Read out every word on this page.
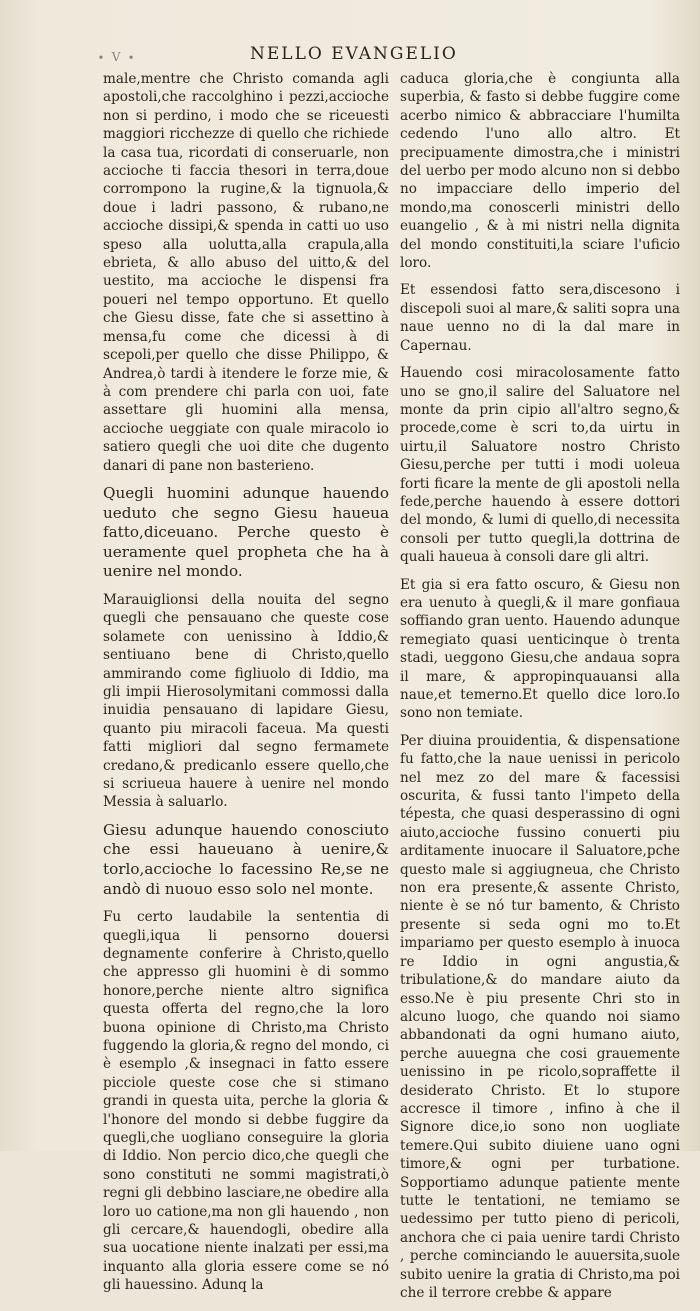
∙ V ∙	NELLO EVANGELIO

male,mentre che Christo comanda agli apostoli,che raccolghino i pezzi,accioche non si perdino, i modo che se riceuesti maggiori ricchezze di quello che richiede la casa tua, ricordati di conseruarle, non accioche ti faccia thesori in terra,doue corrompono la rugine,& la tignuola,& doue i ladri passono, & rubano,ne accioche dissipi,& spenda in catti uo uso speso alla uolutta,alla crapula,alla ebrieta, & allo abuso del uitto,& del uestito, ma accioche le dispensi fra poueri nel tempo opportuno. Et quello che Giesu disse, fate che si assettino à mensa,fu come che dicessi à di scepoli,per quello che disse Philippo, & Andrea,ò tardi à itendere le forze mie, & à com prendere chi parla con uoi, fate assettare gli huomini alla mensa, accioche ueggiate con quale miracolo io satiero quegli che uoi dite che dugento danari di pane non basterieno.

Quegli huomini adunque hauendo ueduto che segno Giesu haueua fatto,diceuano. Perche questo è ueramente quel propheta che ha à uenire nel mondo.

Marauiglionsi della nouita del segno quegli che pensauano che queste cose solamete con uenissino à Iddio,& sentiuano bene di Christo,quello ammirando come figliuolo di Iddio, ma gli impii Hierosolymitani commossi dalla inuidia pensauano di lapidare Giesu, quanto piu miracoli faceua. Ma questi fatti migliori dal segno fermamete credano,& predicanlo essere quello,che si scriueua hauere à uenire nel mondo Messia à saluarlo.

Giesu adunque hauendo conosciuto che essi haueuano à uenire,& torlo,accioche lo facessino Re,se ne andò di nuouo esso solo nel monte.

Fu certo laudabile la sententia di quegli,iqua li pensorno douersi degnamente conferire à Christo,quello che appresso gli huomini è di sommo honore,perche niente altro significa questa offerta del regno,che la loro buona opinione di Christo,ma Christo fuggendo la gloria,& regno del mondo, ci è esemplo ,& insegnaci in fatto essere picciole queste cose che si stimano grandi in questa uita, perche la gloria & l'honore del mondo si debbe fuggire da quegli,che uogliano conseguire la gloria di Iddio. Non percio dico,che quegli che sono constituti ne sommi magistrati,ò regni gli debbino lasciare,ne obedire alla loro uo catione,ma non gli hauendo , non gli cercare,& hauendogli, obedire alla sua uocatione niente inalzati per essi,ma inquanto alla gloria essere come se nó gli hauessino. Adunq la

caduca gloria,che è congiunta alla superbia, & fasto si debbe fuggire come acerbo nimico & abbracciare l'humilta cedendo l'uno allo altro. Et precipuamente dimostra,che i ministri del uerbo per modo alcuno non si debbo no impacciare dello imperio del mondo,ma conoscerli ministri dello euangelio , & à mi nistri nella dignita del mondo constituiti,la sciare l'uficio loro.

Et essendosi fatto sera,discesono i discepoli suoi al mare,& saliti sopra una naue uenno no di la dal mare in Capernau.

Hauendo cosi miracolosamente fatto uno se gno,il salire del Saluatore nel monte da prin cipio all'altro segno,& procede,come è scri to,da uirtu in uirtu,il Saluatore nostro Christo Giesu,perche per tutti i modi uoleua forti ficare la mente de gli apostoli nella fede,perche hauendo à essere dottori del mondo, & lumi di quello,di necessita consoli per tutto quegli,la dottrina de quali haueua à consoli dare gli altri.

Et gia si era fatto oscuro, & Giesu non era uenuto à quegli,& il mare gonfiaua soffiando gran uento. Hauendo adunque remegiato quasi uenticinque ò trenta stadi, ueggono Giesu,che andaua sopra il mare, & appropinquauansi alla naue,et temerno.Et quello dice loro.Io sono non temiate.

Per diuina prouidentia, & dispensatione fu fatto,che la naue uenissi in pericolo nel mez zo del mare & facessisi oscurita, & fussi tanto l'impeto della tépesta, che quasi desperassino di ogni aiuto,accioche fussino conuerti piu arditamente inuocare il Saluatore,pche questo male si aggiugneua, che Christo non era presente,& assente Christo, niente è se nó tur bamento, & Christo presente si seda ogni mo to.Et impariamo per questo esemplo à inuoca re Iddio in ogni angustia,& tribulatione,& do mandare aiuto da esso.Ne è piu presente Chri sto in alcuno luogo, che quando noi siamo abbandonati da ogni humano aiuto, perche auuegna che cosi grauemente uenissino in pe ricolo,sopraffette il desiderato Christo. Et lo stupore accresce il timore , infino à che il Signore dice,io sono non uogliate temere.Qui subito diuiene uano ogni timore,& ogni per turbatione. Sopportiamo adunque patiente mente tutte le tentationi, ne temiamo se uedessimo per tutto pieno di pericoli, anchora che ci paia uenire tardi Christo , perche cominciando le auuersita,suole subito uenire la gratia di Christo,ma poi che il terrore crebbe & appare
